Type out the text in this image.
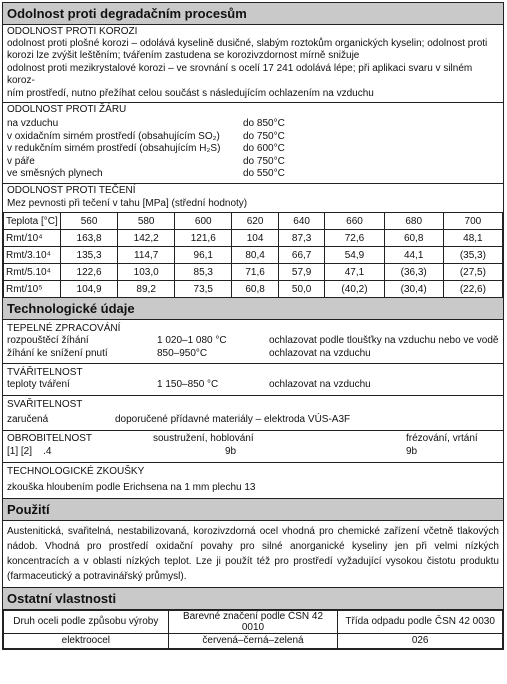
Odolnost proti degradačním procesům
ODOLNOST PROTI KOROZI
odolnost proti plošné korozi – odolává kyselině dusičné, slabým roztokům organických kyselin; odolnost proti
korozi lze zvýšit leštěním; tvářením zastudena se korozivzdornost mírně snižuje
odolnost proti mezikrystalové korozi – ve srovnání s ocelí 17 241 odolává lépe; při aplikaci svaru v silném koroz-
ním prostředí, nutno přežíhat celou součást s následujícím ochlazením na vzduchu
ODOLNOST PROTI ŽÁRU
na vzduchu	do 850°C
v oxidačním sirném prostředí (obsahujícím SO₂)	do 750°C
v redukčním sirném prostředí (obsahujícím H₂S)	do 600°C
v páře	do 750°C
ve směsných plynech	do 550°C
ODOLNOST PROTI TEČENÍ
Mez pevnosti při tečení v tahu [MPa] (střední hodnoty)
Teplota [°C]	560	580	600	620	640	660	680	700
Rmt/10⁴	163,8	142,2	121,6	104	87,3	72,6	60,8	48,1
Rmt/3.10⁴	135,3	114,7	96,1	80,4	66,7	54,9	44,1	(35,3)
Rmt/5.10⁴	122,6	103,0	85,3	71,6	57,9	47,1	(36,3)	(27,5)
Rmt/10⁵	104,9	89,2	73,5	60,8	50,0	(40,2)	(30,4)	(22,6)
Technologické údaje
TEPELNÉ ZPRACOVÁNÍ
rozpouštěcí žíhání	1 020–1 080 °C	ochlazovat podle tloušťky na vzduchu nebo ve vodě
žíhání ke snížení pnutí	850–950°C	ochlazovat na vzduchu
TVÁŘITELNOST
teploty tváření	1 150–850 °C	ochlazovat na vzduchu
SVAŘITELNOST
zaručená	doporučené přídavné materiály – elektroda VÚS-A3F
OBROBITELNOST	soustružení, hoblování	frézování, vrtání
[1] [2]    .4	9b	9b
TECHNOLOGICKÉ ZKOUŠKY
zkouška hloubením podle Erichsena na 1 mm plechu 13
Použití
Austenitická, svařitelná, nestabilizovaná, korozivzdorná ocel vhodná pro chemické zařízení včetně tlakových nádob. Vhodná pro prostředí oxidační povahy pro silné anorganické kyseliny jen při velmi nízkých koncentracích a v oblasti nízkých teplot. Lze ji použít též pro prostředí vyžadující vysokou čistotu produktu (farmaceutický a potravinářský průmysl).
Ostatní vlastnosti
Druh oceli podle způsobu výroby	Barevné značení podle ČSN 42 0010	Třída odpadu podle ČSN 42 0030
elektroocel	červená–černá–zelená	026
